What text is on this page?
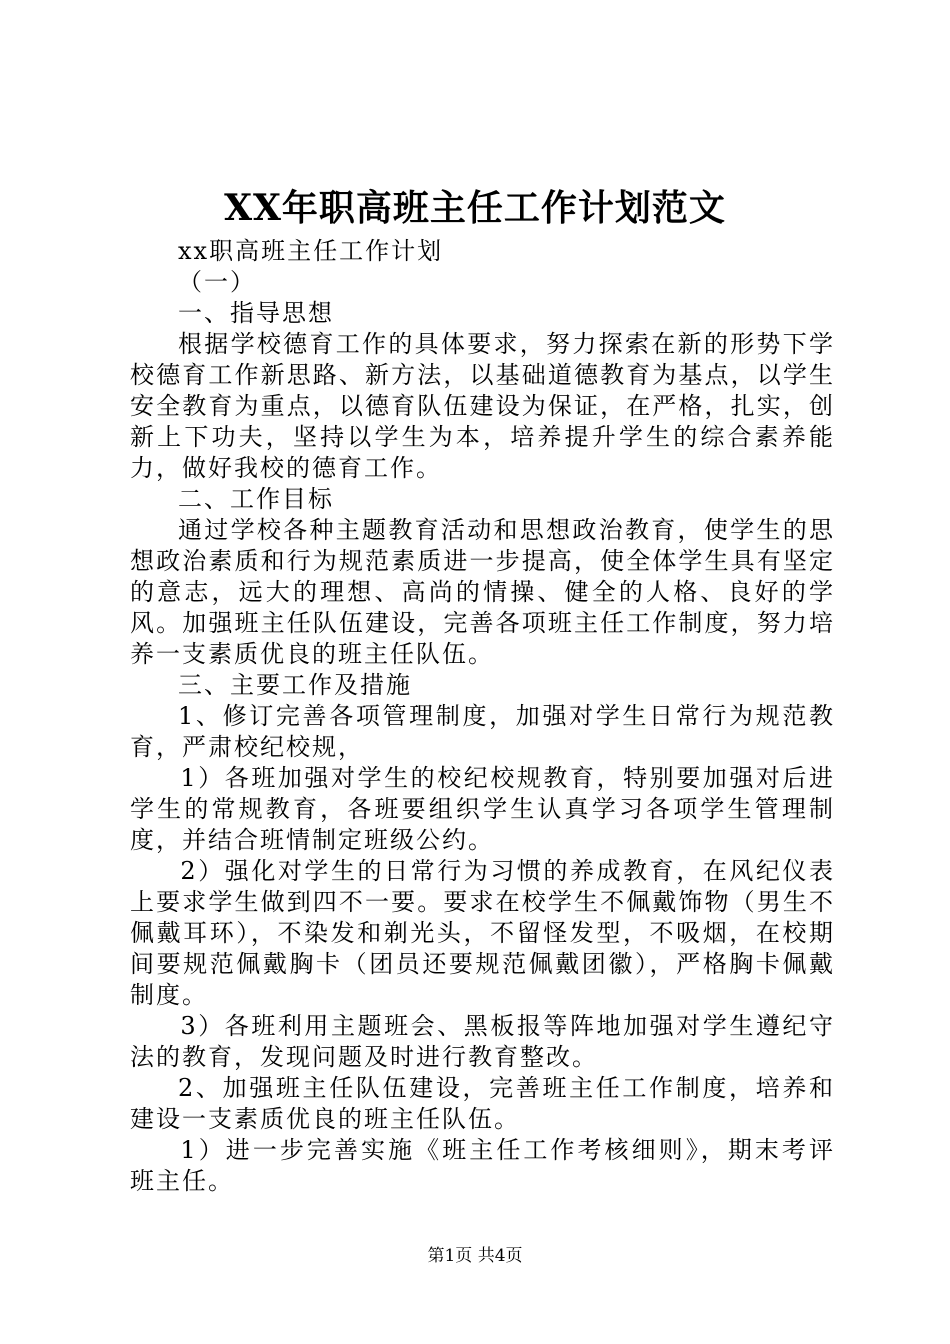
XX年职高班主任工作计划范文

xx职高班主任工作计划

（一）

一、指导思想

根据学校德育工作的具体要求，努力探索在新的形势下学校德育工作新思路、新方法，以基础道德教育为基点，以学生安全教育为重点，以德育队伍建设为保证，在严格，扎实，创新上下功夫，坚持以学生为本，培养提升学生的综合素养能力，做好我校的德育工作。

二、工作目标

通过学校各种主题教育活动和思想政治教育，使学生的思想政治素质和行为规范素质进一步提高，使全体学生具有坚定的意志，远大的理想、高尚的情操、健全的人格、良好的学风。加强班主任队伍建设，完善各项班主任工作制度，努力培养一支素质优良的班主任队伍。

三、主要工作及措施

1、修订完善各项管理制度，加强对学生日常行为规范教育，严肃校纪校规，

1）各班加强对学生的校纪校规教育，特别要加强对后进学生的常规教育，各班要组织学生认真学习各项学生管理制度，并结合班情制定班级公约。

2）强化对学生的日常行为习惯的养成教育，在风纪仪表上要求学生做到四不一要。要求在校学生不佩戴饰物（男生不佩戴耳环），不染发和剃光头，不留怪发型，不吸烟，在校期间要规范佩戴胸卡（团员还要规范佩戴团徽），严格胸卡佩戴制度。

3）各班利用主题班会、黑板报等阵地加强对学生遵纪守法的教育，发现问题及时进行教育整改。

2、加强班主任队伍建设，完善班主任工作制度，培养和建设一支素质优良的班主任队伍。

1）进一步完善实施《班主任工作考核细则》，期末考评班主任。

第1页 共4页
